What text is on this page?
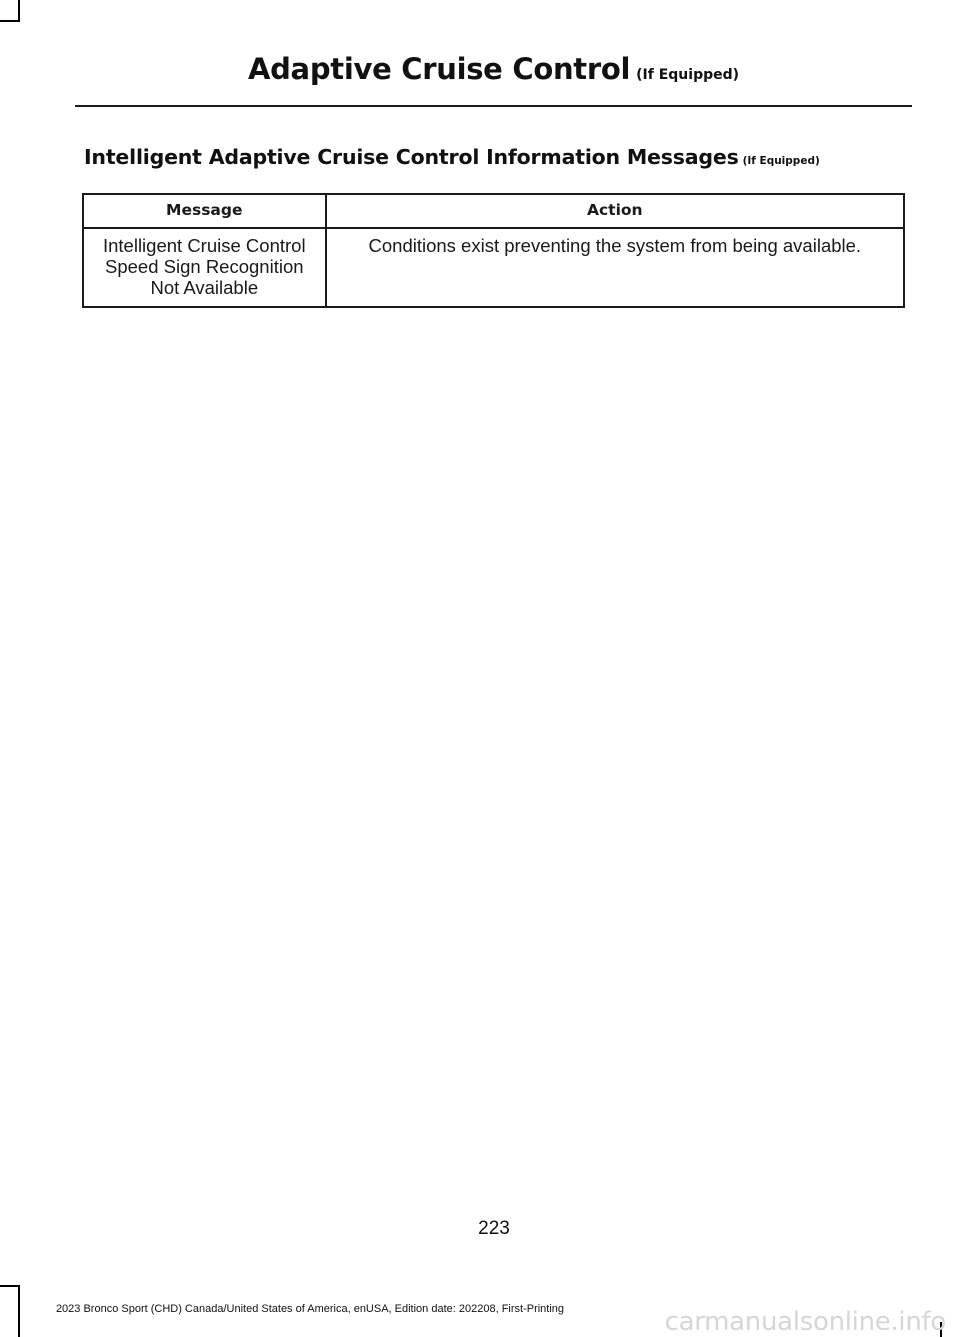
Adaptive Cruise Control (If Equipped)
Intelligent Adaptive Cruise Control Information Messages (If Equipped)
Message	Action

Intelligent Cruise Control
Speed Sign Recognition
Not Available	Conditions exist preventing the system from being available.
223
2023 Bronco Sport (CHD) Canada/United States of America, enUSA, Edition date: 202208, First-Printing	carmanualsonline.info
